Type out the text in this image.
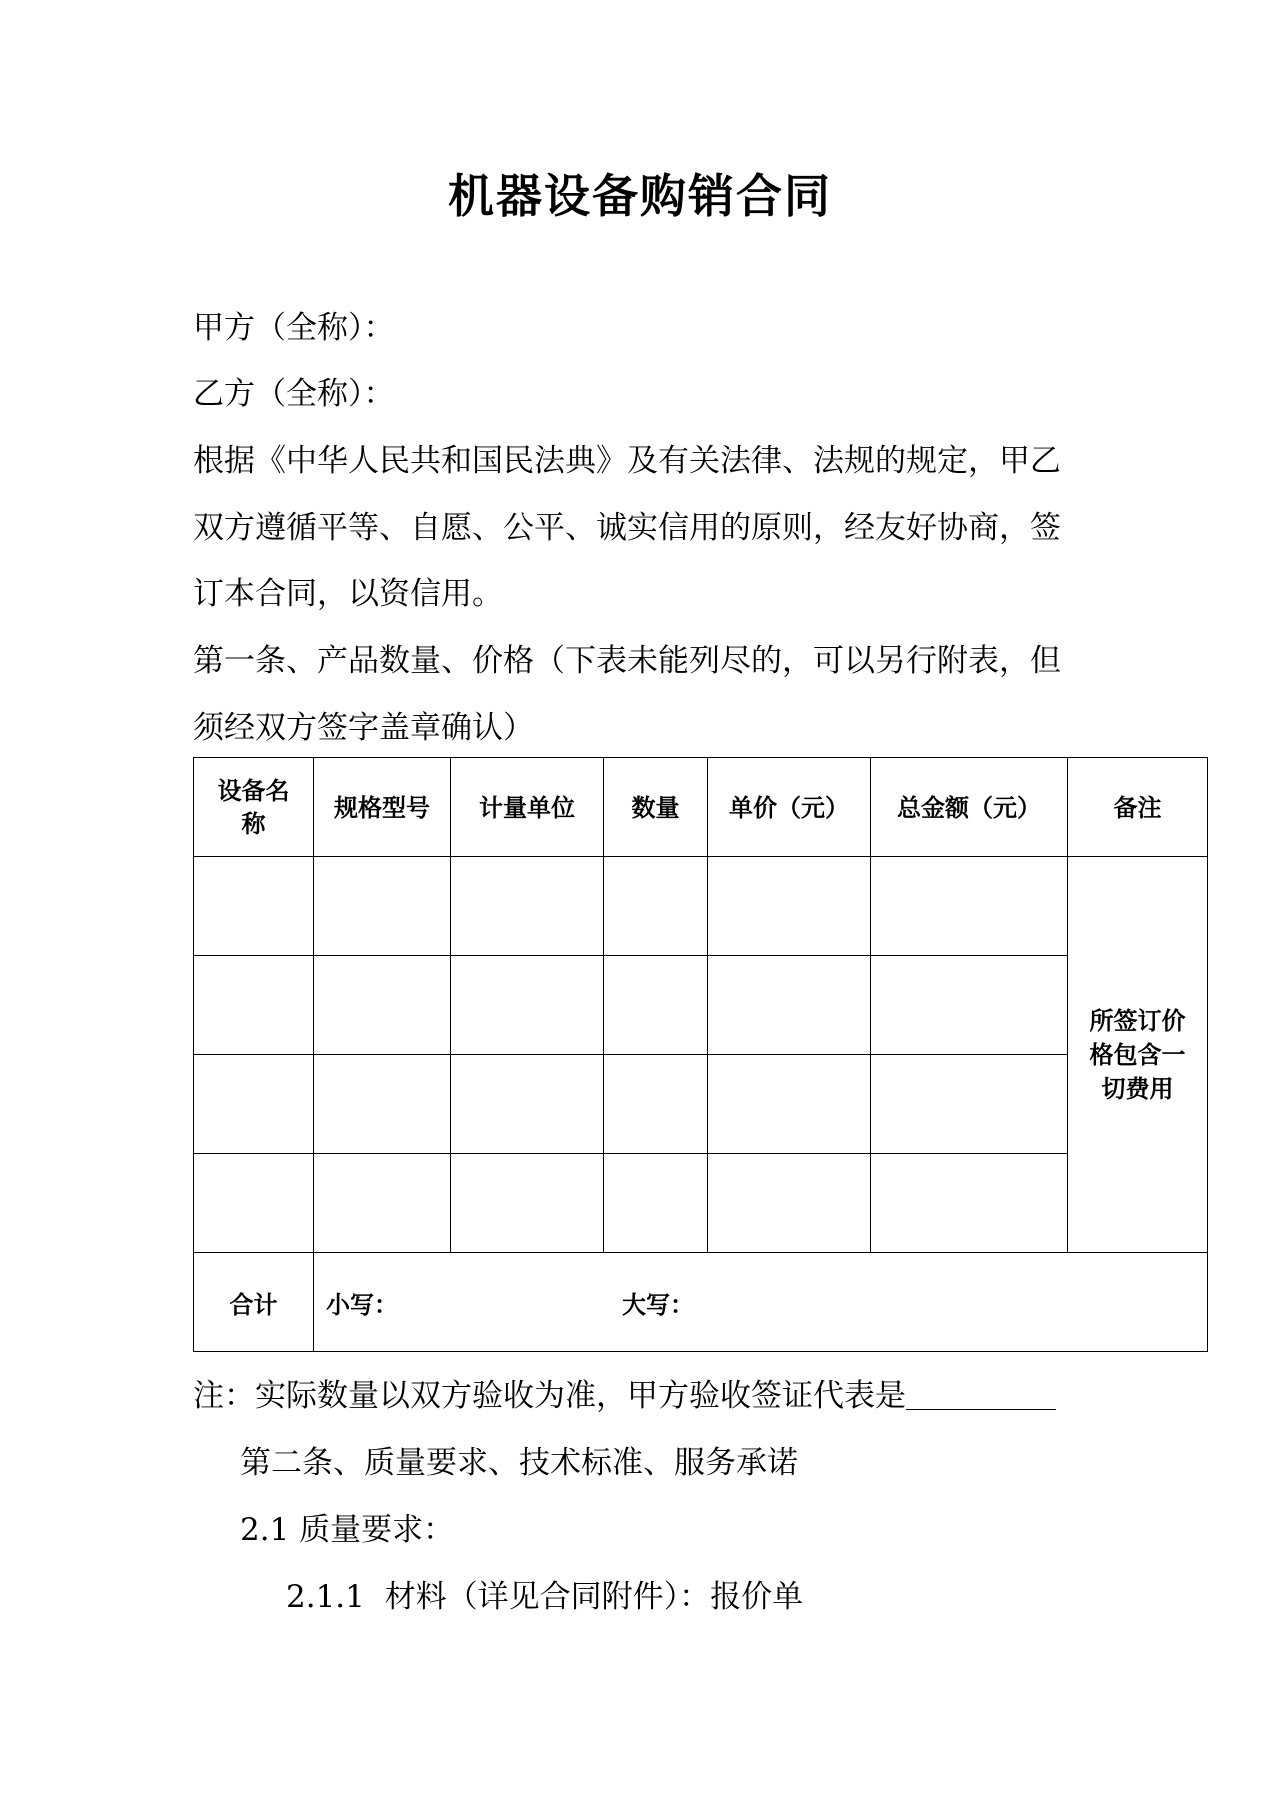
机器设备购销合同
甲方（全称）：
乙方（全称）：
根据《中华人民共和国民法典》及有关法律、法规的规定，甲乙
双方遵循平等、自愿、公平、诚实信用的原则，经友好协商，签
订本合同，以资信用。
第一条、产品数量、价格（下表未能列尽的，可以另行附表，但
须经双方签字盖章确认）
设备名称	规格型号	计量单位	数量	单价（元）	总金额（元）	备注
						所签订价格包含一切费用

合计	小写： 大写：					
注：实际数量以双方验收为准，甲方验收签证代表是
第二条、质量要求、技术标准、服务承诺
2.1 质量要求：
2.1.1  材料（详见合同附件）：报价单
